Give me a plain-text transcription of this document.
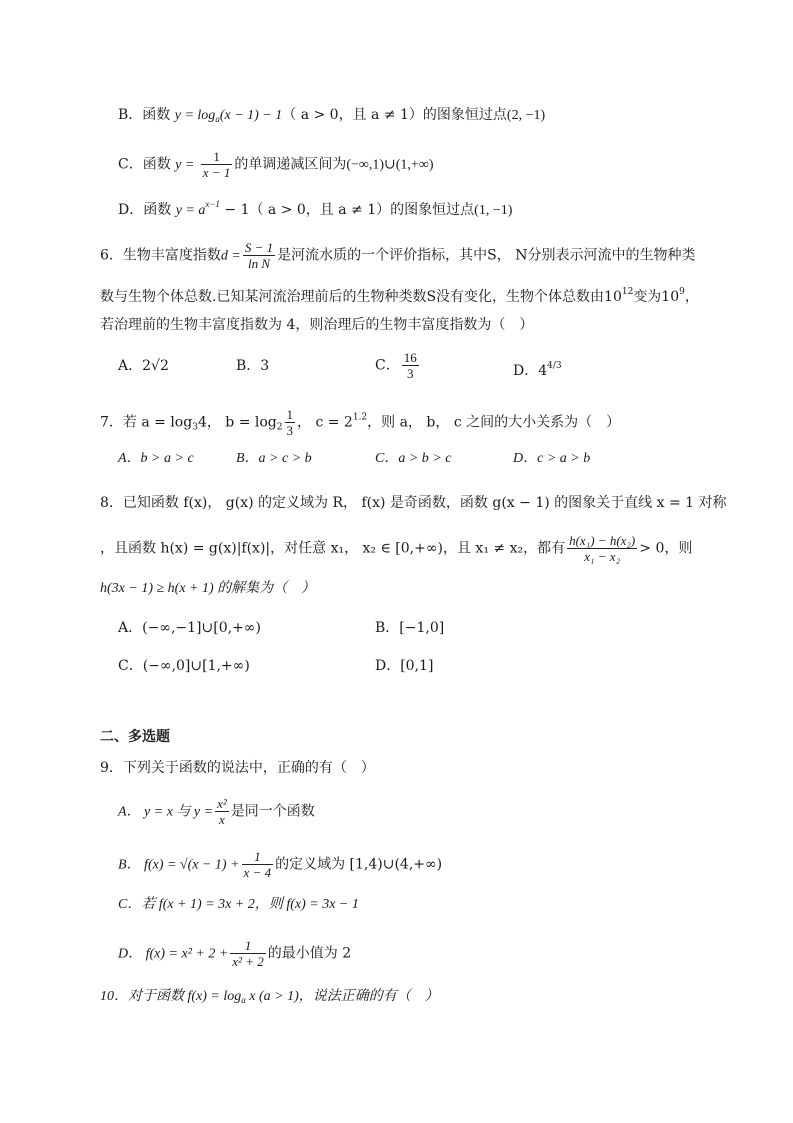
B．函数 $y = \log_a(x - 1) - 1$（ a > 0，且 a ≠ 1）的图象恒过点(2, −1)
C．函数 $y = \frac{1}{x - 1}$ 的单调递减区间为(−∞,1)∪(1,+∞)
D．函数 $y = a^{x-1} - 1$（ a > 0，且 a ≠ 1）的图象恒过点(1, −1)
6．生物丰富度指数$d = \frac{S - 1}{\text{ln N}}$ 是河流水质的一个评价指标，其中S， N分别表示河流中的生物种类
数与生物个体总数.已知某河流治理前后的生物种类数S没有变化，生物个体总数由$10^{12}$变为$10^9$，
若治理前的生物丰富度指数为 4，则治理后的生物丰富度指数为（　）
A．2√2	B．3	C． $\frac{16}{3}$	D．$4^{4/3}$
7．若 $a = \log_34$， $b = \log_2 \frac{1}{3}$ ， $c = 2^{1.2}$，则 a， b， c 之间的大小关系为（　）
A．b > a > c	B．a > c > b	C．a > b > c	D．c > a > b
8．已知函数 f(x)， g(x) 的定义域为 R， f(x) 是奇函数，函数 g(x − 1) 的图象关于直线 x = 1 对称
，且函数 h(x) = g(x)|f(x)|，对任意 x₁， x₂ ∈ [0,+∞)，且 x₁ ≠ x₂，都有 $\frac{\text{h(x₁) − h(x₂)}}{\text{x₁ − x₂}} > 0$，则
h(3x − 1) ≥ h(x + 1) 的解集为（　）
A．(−∞,−1]∪[0,+∞)	B．[−1,0]
C．(−∞,0]∪[1,+∞)	D．[0,1]
二、多选题
9．下列关于函数的说法中，正确的有（　）
A． y = x 与 $y = \frac{\text{x²}}{x}$ 是同一个函数
B． $f(x) = √(x - 1) + \frac{1}{x - 4}$ 的定义域为 [1,4)∪(4,+∞)
C．若 f(x + 1) = 3x + 2，则 f(x) = 3x − 1
D． $f(x) = x^2 + 2 + \frac{1}{\text{x² + 2}}$ 的最小值为 2
10．对于函数 $f(x) = \log_a x$ (a > 1)，说法正确的有（　）
